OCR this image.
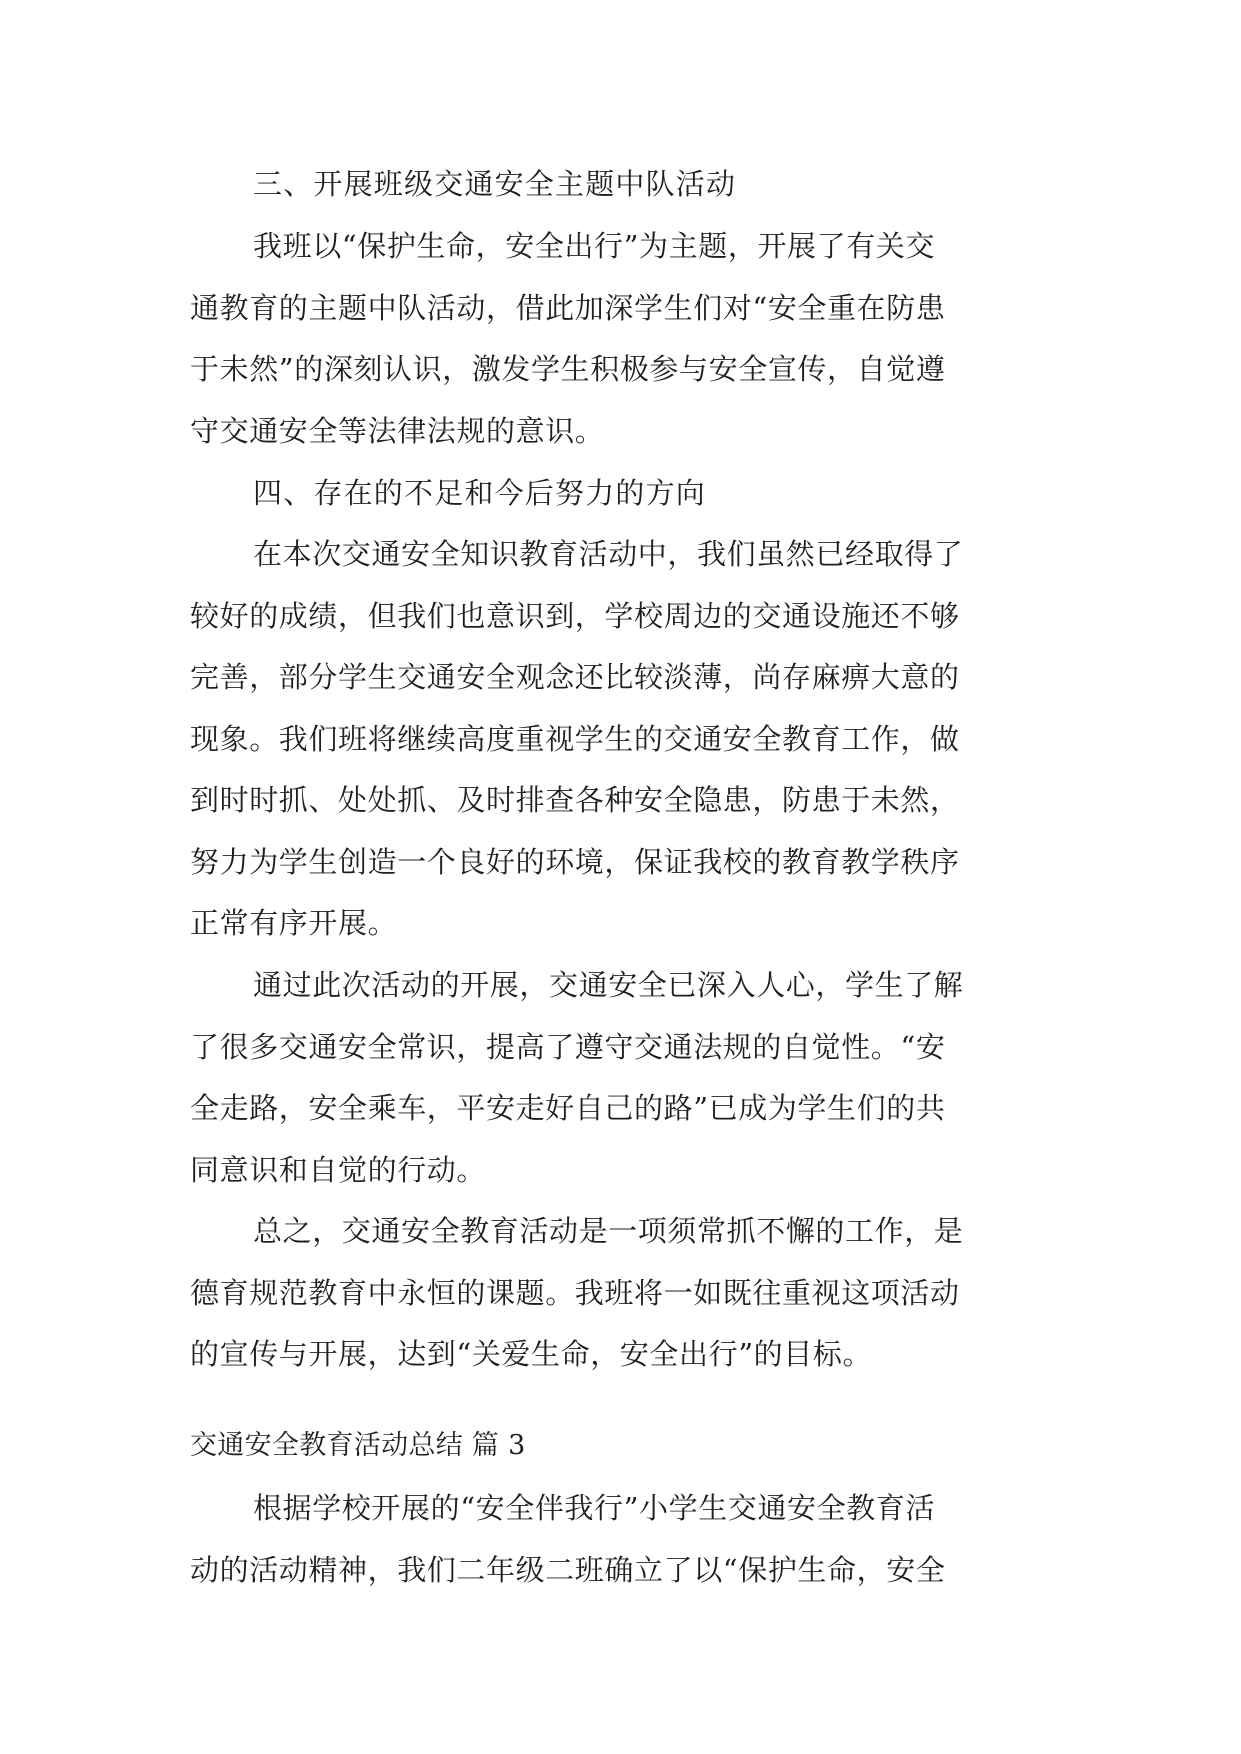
三、开展班级交通安全主题中队活动
我班以“保护生命，安全出行”为主题，开展了有关交
通教育的主题中队活动，借此加深学生们对“安全重在防患
于未然”的深刻认识，激发学生积极参与安全宣传，自觉遵
守交通安全等法律法规的意识。
四、存在的不足和今后努力的方向
在本次交通安全知识教育活动中，我们虽然已经取得了
较好的成绩，但我们也意识到，学校周边的交通设施还不够
完善，部分学生交通安全观念还比较淡薄，尚存麻痹大意的
现象。我们班将继续高度重视学生的交通安全教育工作，做
到时时抓、处处抓、及时排查各种安全隐患，防患于未然，
努力为学生创造一个良好的环境，保证我校的教育教学秩序
正常有序开展。
通过此次活动的开展，交通安全已深入人心，学生了解
了很多交通安全常识，提高了遵守交通法规的自觉性。“安
全走路，安全乘车，平安走好自己的路”已成为学生们的共
同意识和自觉的行动。
总之，交通安全教育活动是一项须常抓不懈的工作，是
德育规范教育中永恒的课题。我班将一如既往重视这项活动
的宣传与开展，达到“关爱生命，安全出行”的目标。
交通安全教育活动总结 篇 3
根据学校开展的“安全伴我行”小学生交通安全教育活
动的活动精神，我们二年级二班确立了以“保护生命，安全
